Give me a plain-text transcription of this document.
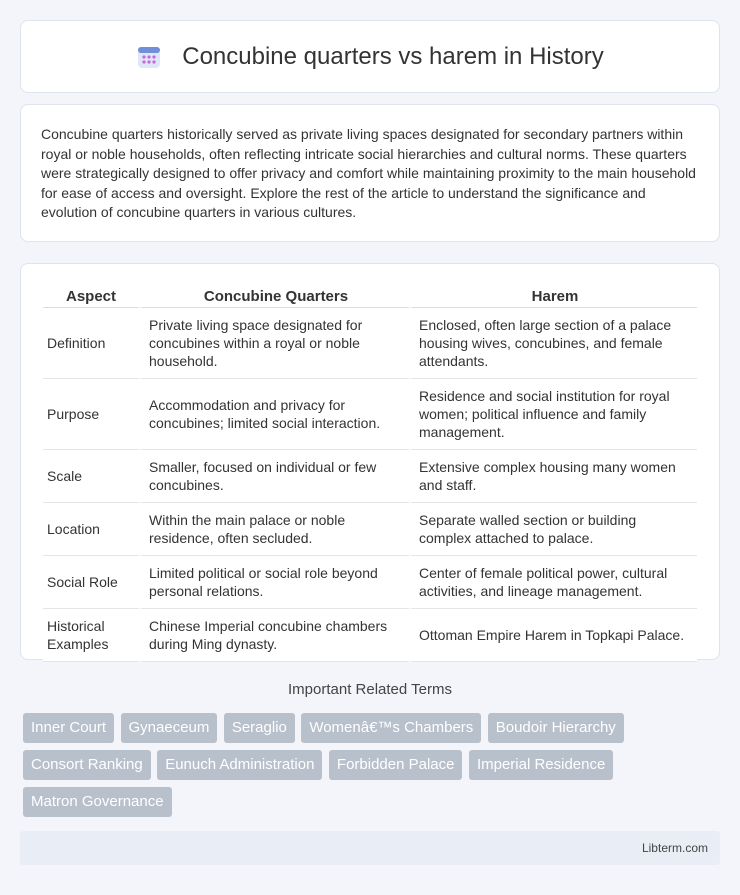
Concubine quarters vs harem in History

Concubine quarters historically served as private living spaces designated for secondary partners within royal or noble households, often reflecting intricate social hierarchies and cultural norms. These quarters were strategically designed to offer privacy and comfort while maintaining proximity to the main household for ease of access and oversight. Explore the rest of the article to understand the significance and evolution of concubine quarters in various cultures.

Aspect	Concubine Quarters	Harem
Definition	Private living space designated for concubines within a royal or noble household.	Enclosed, often large section of a palace housing wives, concubines, and female attendants.
Purpose	Accommodation and privacy for concubines; limited social interaction.	Residence and social institution for royal women; political influence and family management.
Scale	Smaller, focused on individual or few concubines.	Extensive complex housing many women and staff.
Location	Within the main palace or noble residence, often secluded.	Separate walled section or building complex attached to palace.
Social Role	Limited political or social role beyond personal relations.	Center of female political power, cultural activities, and lineage management.
Historical Examples	Chinese Imperial concubine chambers during Ming dynasty.	Ottoman Empire Harem in Topkapi Palace.
Important Related Terms
Inner Court Gynaeceum Seraglio Womenâ€™s Chambers Boudoir Hierarchy Consort Ranking Eunuch Administration Forbidden Palace Imperial Residence Matron Governance
Libterm.com
